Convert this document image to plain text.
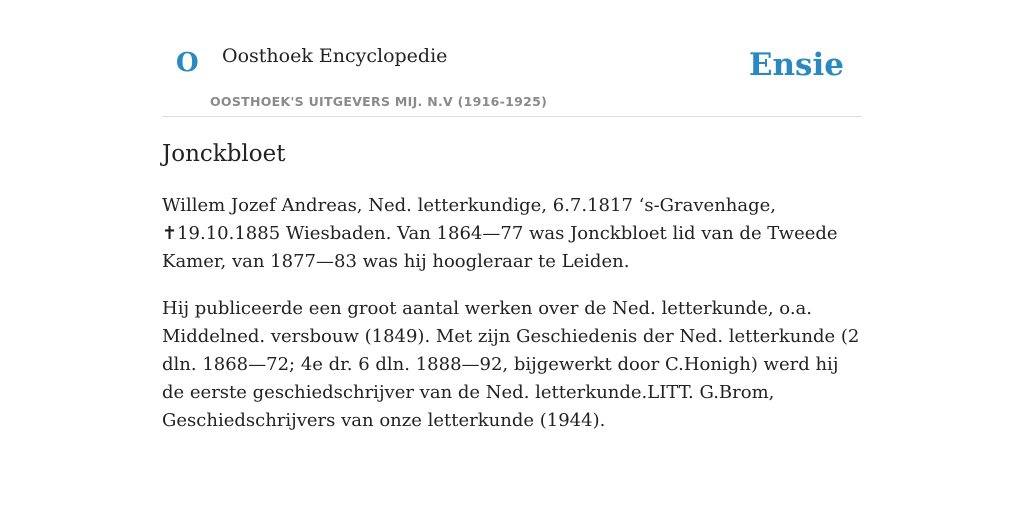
O Oosthoek Encyclopedie
OOSTHOEK'S UITGEVERS MIJ. N.V (1916-1925)
Ensie
Jonckbloet

Willem Jozef Andreas, Ned. letterkundige, 6.7.1817 ‘s-Gravenhage, ✝19.10.1885 Wiesbaden. Van 1864—77 was Jonckbloet lid van de Tweede Kamer, van 1877—83 was hij hoogleraar te Leiden.

Hij publiceerde een groot aantal werken over de Ned. letterkunde, o.a. Middelned. versbouw (1849). Met zijn Geschiedenis der Ned. letterkunde (2 dln. 1868—72; 4e dr. 6 dln. 1888—92, bijgewerkt door C.Honigh) werd hij de eerste geschiedschrijver van de Ned. letterkunde.LITT. G.Brom, Geschiedschrijvers van onze letterkunde (1944).
